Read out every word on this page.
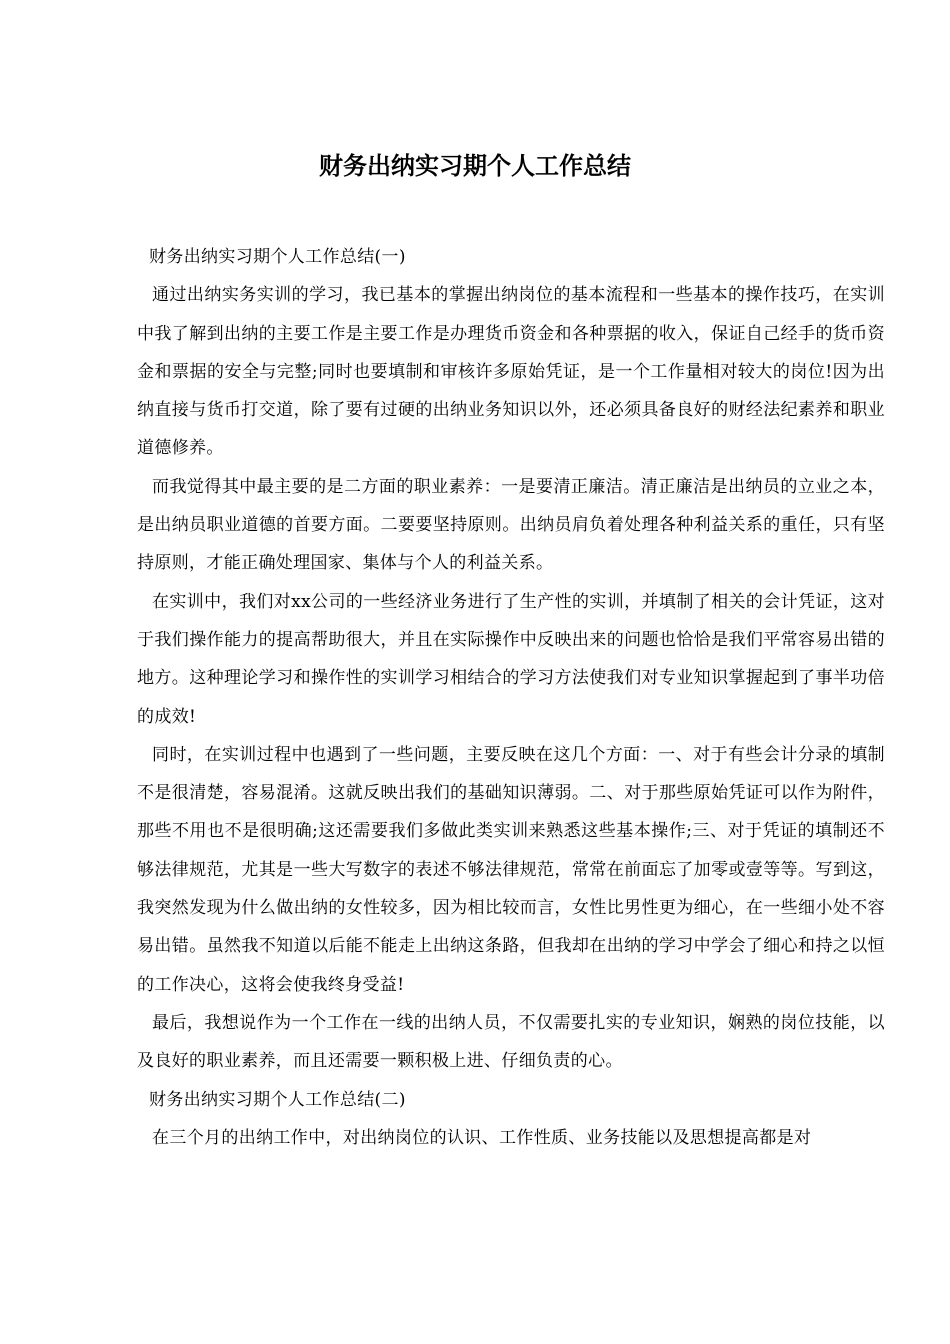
财务出纳实习期个人工作总结

财务出纳实习期个人工作总结(一)

通过出纳实务实训的学习，我已基本的掌握出纳岗位的基本流程和一些基本的操作技巧，在实训中我了解到出纳的主要工作是主要工作是办理货币资金和各种票据的收入，保证自己经手的货币资金和票据的安全与完整;同时也要填制和审核许多原始凭证，是一个工作量相对较大的岗位!因为出纳直接与货币打交道，除了要有过硬的出纳业务知识以外，还必须具备良好的财经法纪素养和职业道德修养。

而我觉得其中最主要的是二方面的职业素养：一是要清正廉洁。清正廉洁是出纳员的立业之本，是出纳员职业道德的首要方面。二要要坚持原则。出纳员肩负着处理各种利益关系的重任，只有坚持原则，才能正确处理国家、集体与个人的利益关系。

在实训中，我们对xx公司的一些经济业务进行了生产性的实训，并填制了相关的会计凭证，这对于我们操作能力的提高帮助很大，并且在实际操作中反映出来的问题也恰恰是我们平常容易出错的地方。这种理论学习和操作性的实训学习相结合的学习方法使我们对专业知识掌握起到了事半功倍的成效!

同时，在实训过程中也遇到了一些问题，主要反映在这几个方面：一、对于有些会计分录的填制不是很清楚，容易混淆。这就反映出我们的基础知识薄弱。二、对于那些原始凭证可以作为附件，那些不用也不是很明确;这还需要我们多做此类实训来熟悉这些基本操作;三、对于凭证的填制还不够法律规范，尤其是一些大写数字的表述不够法律规范，常常在前面忘了加零或壹等等。写到这，我突然发现为什么做出纳的女性较多，因为相比较而言，女性比男性更为细心，在一些细小处不容易出错。虽然我不知道以后能不能走上出纳这条路，但我却在出纳的学习中学会了细心和持之以恒的工作决心，这将会使我终身受益!

最后，我想说作为一个工作在一线的出纳人员，不仅需要扎实的专业知识，娴熟的岗位技能，以及良好的职业素养，而且还需要一颗积极上进、仔细负责的心。

财务出纳实习期个人工作总结(二)

在三个月的出纳工作中，对出纳岗位的认识、工作性质、业务技能以及思想提高都是对
